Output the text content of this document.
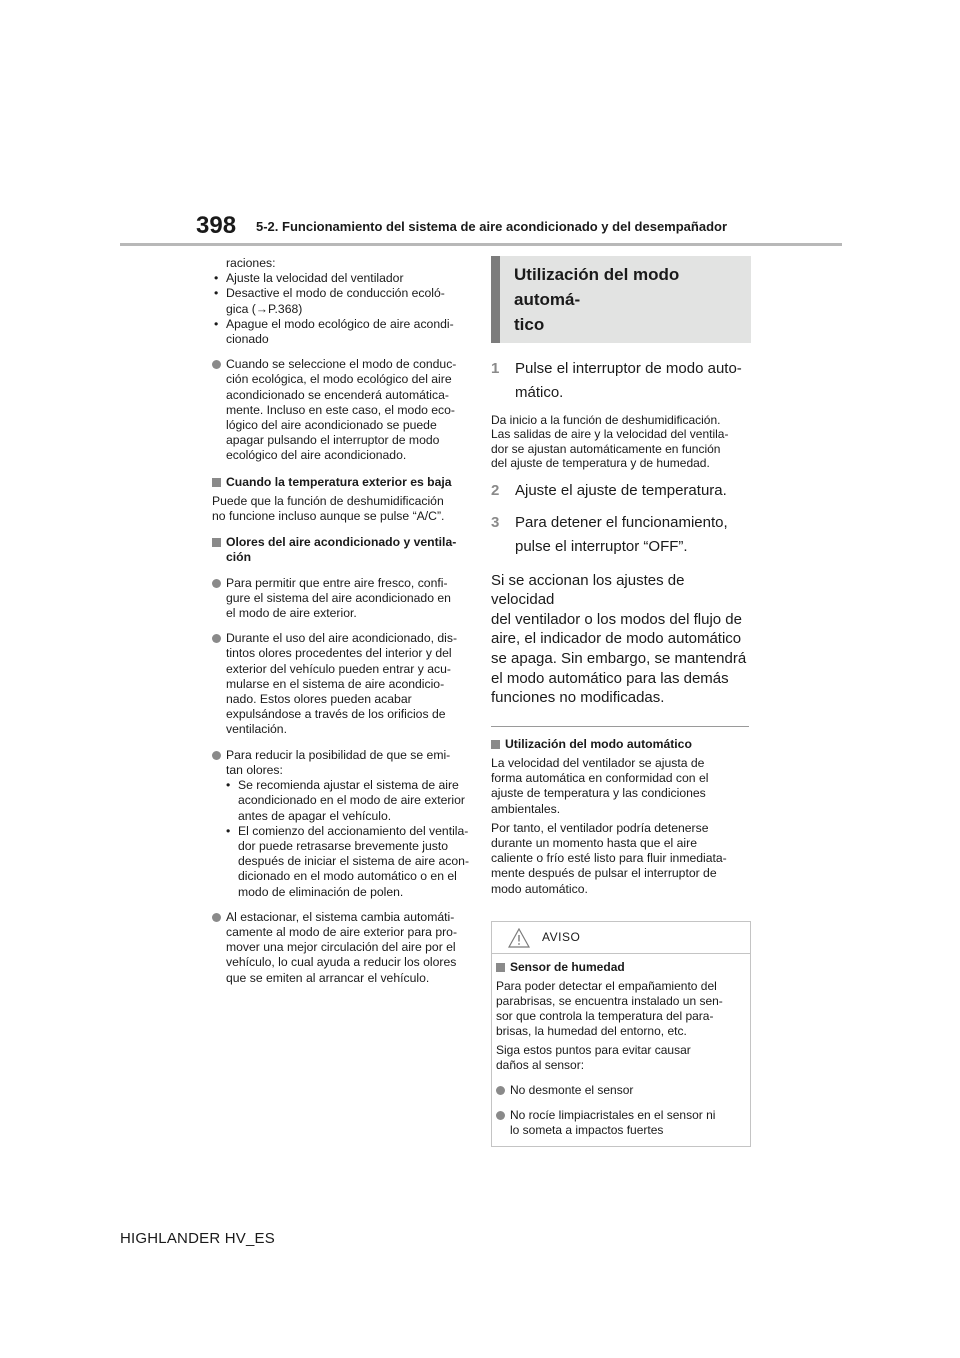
398 5-2. Funcionamiento del sistema de aire acondicionado y del desempañador
raciones:
• Ajuste la velocidad del ventilador
• Desactive el modo de conducción ecoló-
gica (→P.368)
• Apague el modo ecológico de aire acondi-
cionado
Cuando se seleccione el modo de conduc-
ción ecológica, el modo ecológico del aire
acondicionado se encenderá automática-
mente. Incluso en este caso, el modo eco-
lógico del aire acondicionado se puede
apagar pulsando el interruptor de modo
ecológico del aire acondicionado.
Cuando la temperatura exterior es baja
Puede que la función de deshumidificación
no funcione incluso aunque se pulse “A/C”.
Olores del aire acondicionado y ventila-
ción
Para permitir que entre aire fresco, confi-
gure el sistema del aire acondicionado en
el modo de aire exterior.
Durante el uso del aire acondicionado, dis-
tintos olores procedentes del interior y del
exterior del vehículo pueden entrar y acu-
mularse en el sistema de aire acondicio-
nado. Estos olores pueden acabar
expulsándose a través de los orificios de
ventilación.
Para reducir la posibilidad de que se emi-
tan olores:
• Se recomienda ajustar el sistema de aire
acondicionado en el modo de aire exterior
antes de apagar el vehículo.
• El comienzo del accionamiento del ventila-
dor puede retrasarse brevemente justo
después de iniciar el sistema de aire acon-
dicionado en el modo automático o en el
modo de eliminación de polen.
Al estacionar, el sistema cambia automáti-
camente al modo de aire exterior para pro-
mover una mejor circulación del aire por el
vehículo, lo cual ayuda a reducir los olores
que se emiten al arrancar el vehículo.
Utilización del modo automá-
tico
1 Pulse el interruptor de modo auto-
mático.
Da inicio a la función de deshumidificación.
Las salidas de aire y la velocidad del ventila-
dor se ajustan automáticamente en función
del ajuste de temperatura y de humedad.
2 Ajuste el ajuste de temperatura.
3 Para detener el funcionamiento,
pulse el interruptor “OFF”.
Si se accionan los ajustes de velocidad
del ventilador o los modos del flujo de
aire, el indicador de modo automático
se apaga. Sin embargo, se mantendrá
el modo automático para las demás
funciones no modificadas.
Utilización del modo automático
La velocidad del ventilador se ajusta de
forma automática en conformidad con el
ajuste de temperatura y las condiciones
ambientales.
Por tanto, el ventilador podría detenerse
durante un momento hasta que el aire
caliente o frío esté listo para fluir inmediata-
mente después de pulsar el interruptor de
modo automático.
AVISO
Sensor de humedad
Para poder detectar el empañamiento del
parabrisas, se encuentra instalado un sen-
sor que controla la temperatura del para-
brisas, la humedad del entorno, etc.
Siga estos puntos para evitar causar
daños al sensor:
No desmonte el sensor
No rocíe limpiacristales en el sensor ni
lo someta a impactos fuertes
HIGHLANDER HV_ES
